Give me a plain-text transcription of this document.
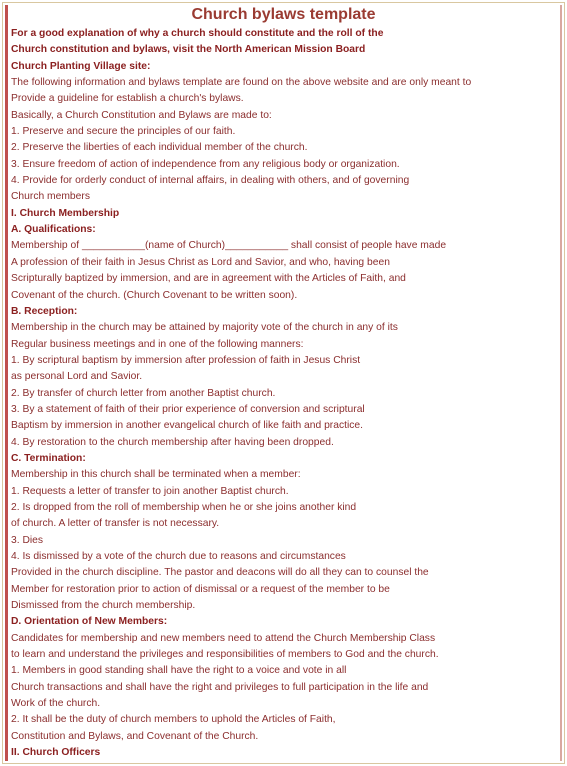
Church bylaws template
For a good explanation of why a church should constitute and the roll of the
Church constitution and bylaws, visit the North American Mission Board
Church Planting Village site:
The following information and bylaws template are found on the above website and are only meant to
Provide a guideline for establish a church's bylaws.
Basically, a Church Constitution and Bylaws are made to:
1. Preserve and secure the principles of our faith.
2. Preserve the liberties of each individual member of the church.
3. Ensure freedom of action of independence from any religious body or organization.
4. Provide for orderly conduct of internal affairs, in dealing with others, and of governing
Church members
I. Church Membership
A. Qualifications:
Membership of ___________(name of Church)___________ shall consist of people have made
A profession of their faith in Jesus Christ as Lord and Savior, and who, having been
Scripturally baptized by immersion, and are in agreement with the Articles of Faith, and
Covenant of the church. (Church Covenant to be written soon).
B. Reception:
Membership in the church may be attained by majority vote of the church in any of its
Regular business meetings and in one of the following manners:
1. By scriptural baptism by immersion after profession of faith in Jesus Christ
as personal Lord and Savior.
2. By transfer of church letter from another Baptist church.
3. By a statement of faith of their prior experience of conversion and scriptural
Baptism by immersion in another evangelical church of like faith and practice.
4. By restoration to the church membership after having been dropped.
C. Termination:
Membership in this church shall be terminated when a member:
1. Requests a letter of transfer to join another Baptist church.
2. Is dropped from the roll of membership when he or she joins another kind
of church. A letter of transfer is not necessary.
3. Dies
4. Is dismissed by a vote of the church due to reasons and circumstances
Provided in the church discipline. The pastor and deacons will do all they can to counsel the
Member for restoration prior to action of dismissal or a request of the member to be
Dismissed from the church membership.
D. Orientation of New Members:
Candidates for membership and new members need to attend the Church Membership Class
to learn and understand the privileges and responsibilities of members to God and the church.
1. Members in good standing shall have the right to a voice and vote in all
Church transactions and shall have the right and privileges to full participation in the life and
Work of the church.
2. It shall be the duty of church members to uphold the Articles of Faith,
Constitution and Bylaws, and Covenant of the Church.
II. Church Officers
